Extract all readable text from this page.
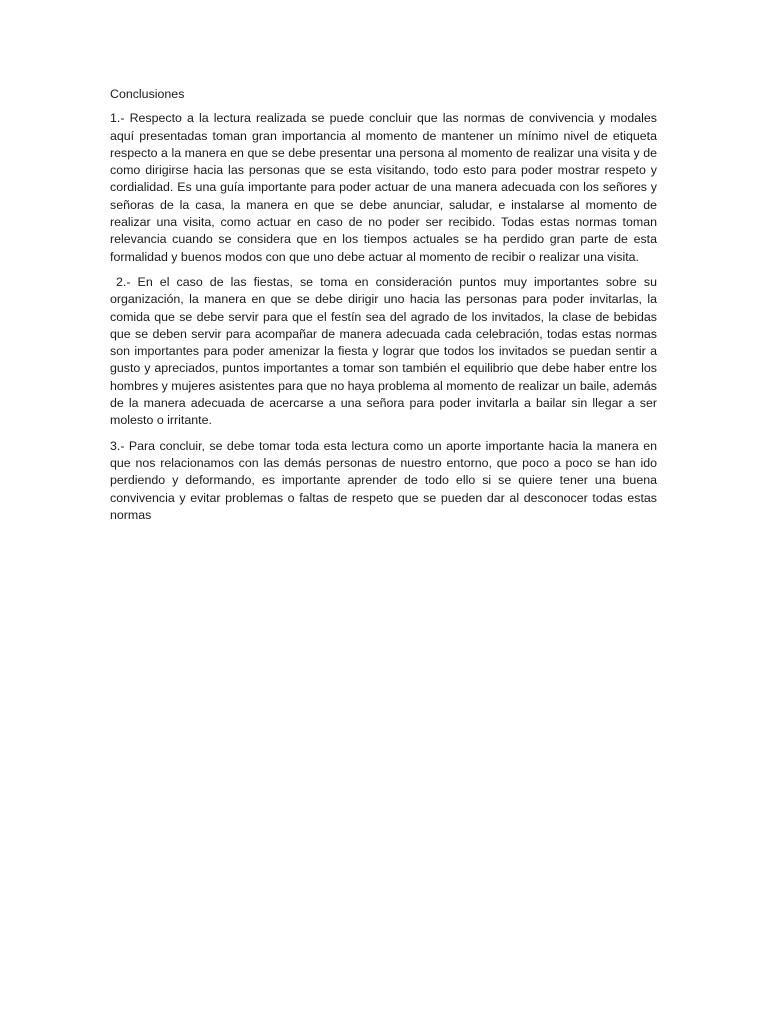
Conclusiones

1.- Respecto a la lectura realizada se puede concluir que las normas de convivencia y modales aquí presentadas toman gran importancia al momento de mantener un mínimo nivel de etiqueta respecto a la manera en que se debe presentar una persona al momento de realizar una visita y de como dirigirse hacia las personas que se esta visitando, todo esto para poder mostrar respeto y cordialidad. Es una guía importante para poder actuar de una manera adecuada con los señores y señoras de la casa, la manera en que se debe anunciar, saludar, e instalarse al momento de realizar una visita, como actuar en caso de no poder ser recibido. Todas estas normas toman relevancia cuando se considera que en los tiempos actuales se ha perdido gran parte de esta formalidad y buenos modos con que uno debe actuar al momento de recibir o realizar una visita.

2.- En el caso de las fiestas, se toma en consideración puntos muy importantes sobre su organización, la manera en que se debe dirigir uno hacia las personas para poder invitarlas, la comida que se debe servir para que el festín sea del agrado de los invitados, la clase de bebidas que se deben servir para acompañar de manera adecuada cada celebración, todas estas normas son importantes para poder amenizar la fiesta y lograr que todos los invitados se puedan sentir a gusto y apreciados, puntos importantes a tomar son también el equilibrio que debe haber entre los hombres y mujeres asistentes para que no haya problema al momento de realizar un baile, además de la manera adecuada de acercarse a una señora para poder invitarla a bailar sin llegar a ser molesto o irritante.

3.- Para concluir, se debe tomar toda esta lectura como un aporte importante hacia la manera en que nos relacionamos con las demás personas de nuestro entorno, que poco a poco se han ido perdiendo y deformando, es importante aprender de todo ello si se quiere tener una buena convivencia y evitar problemas o faltas de respeto que se pueden dar al desconocer todas estas normas
